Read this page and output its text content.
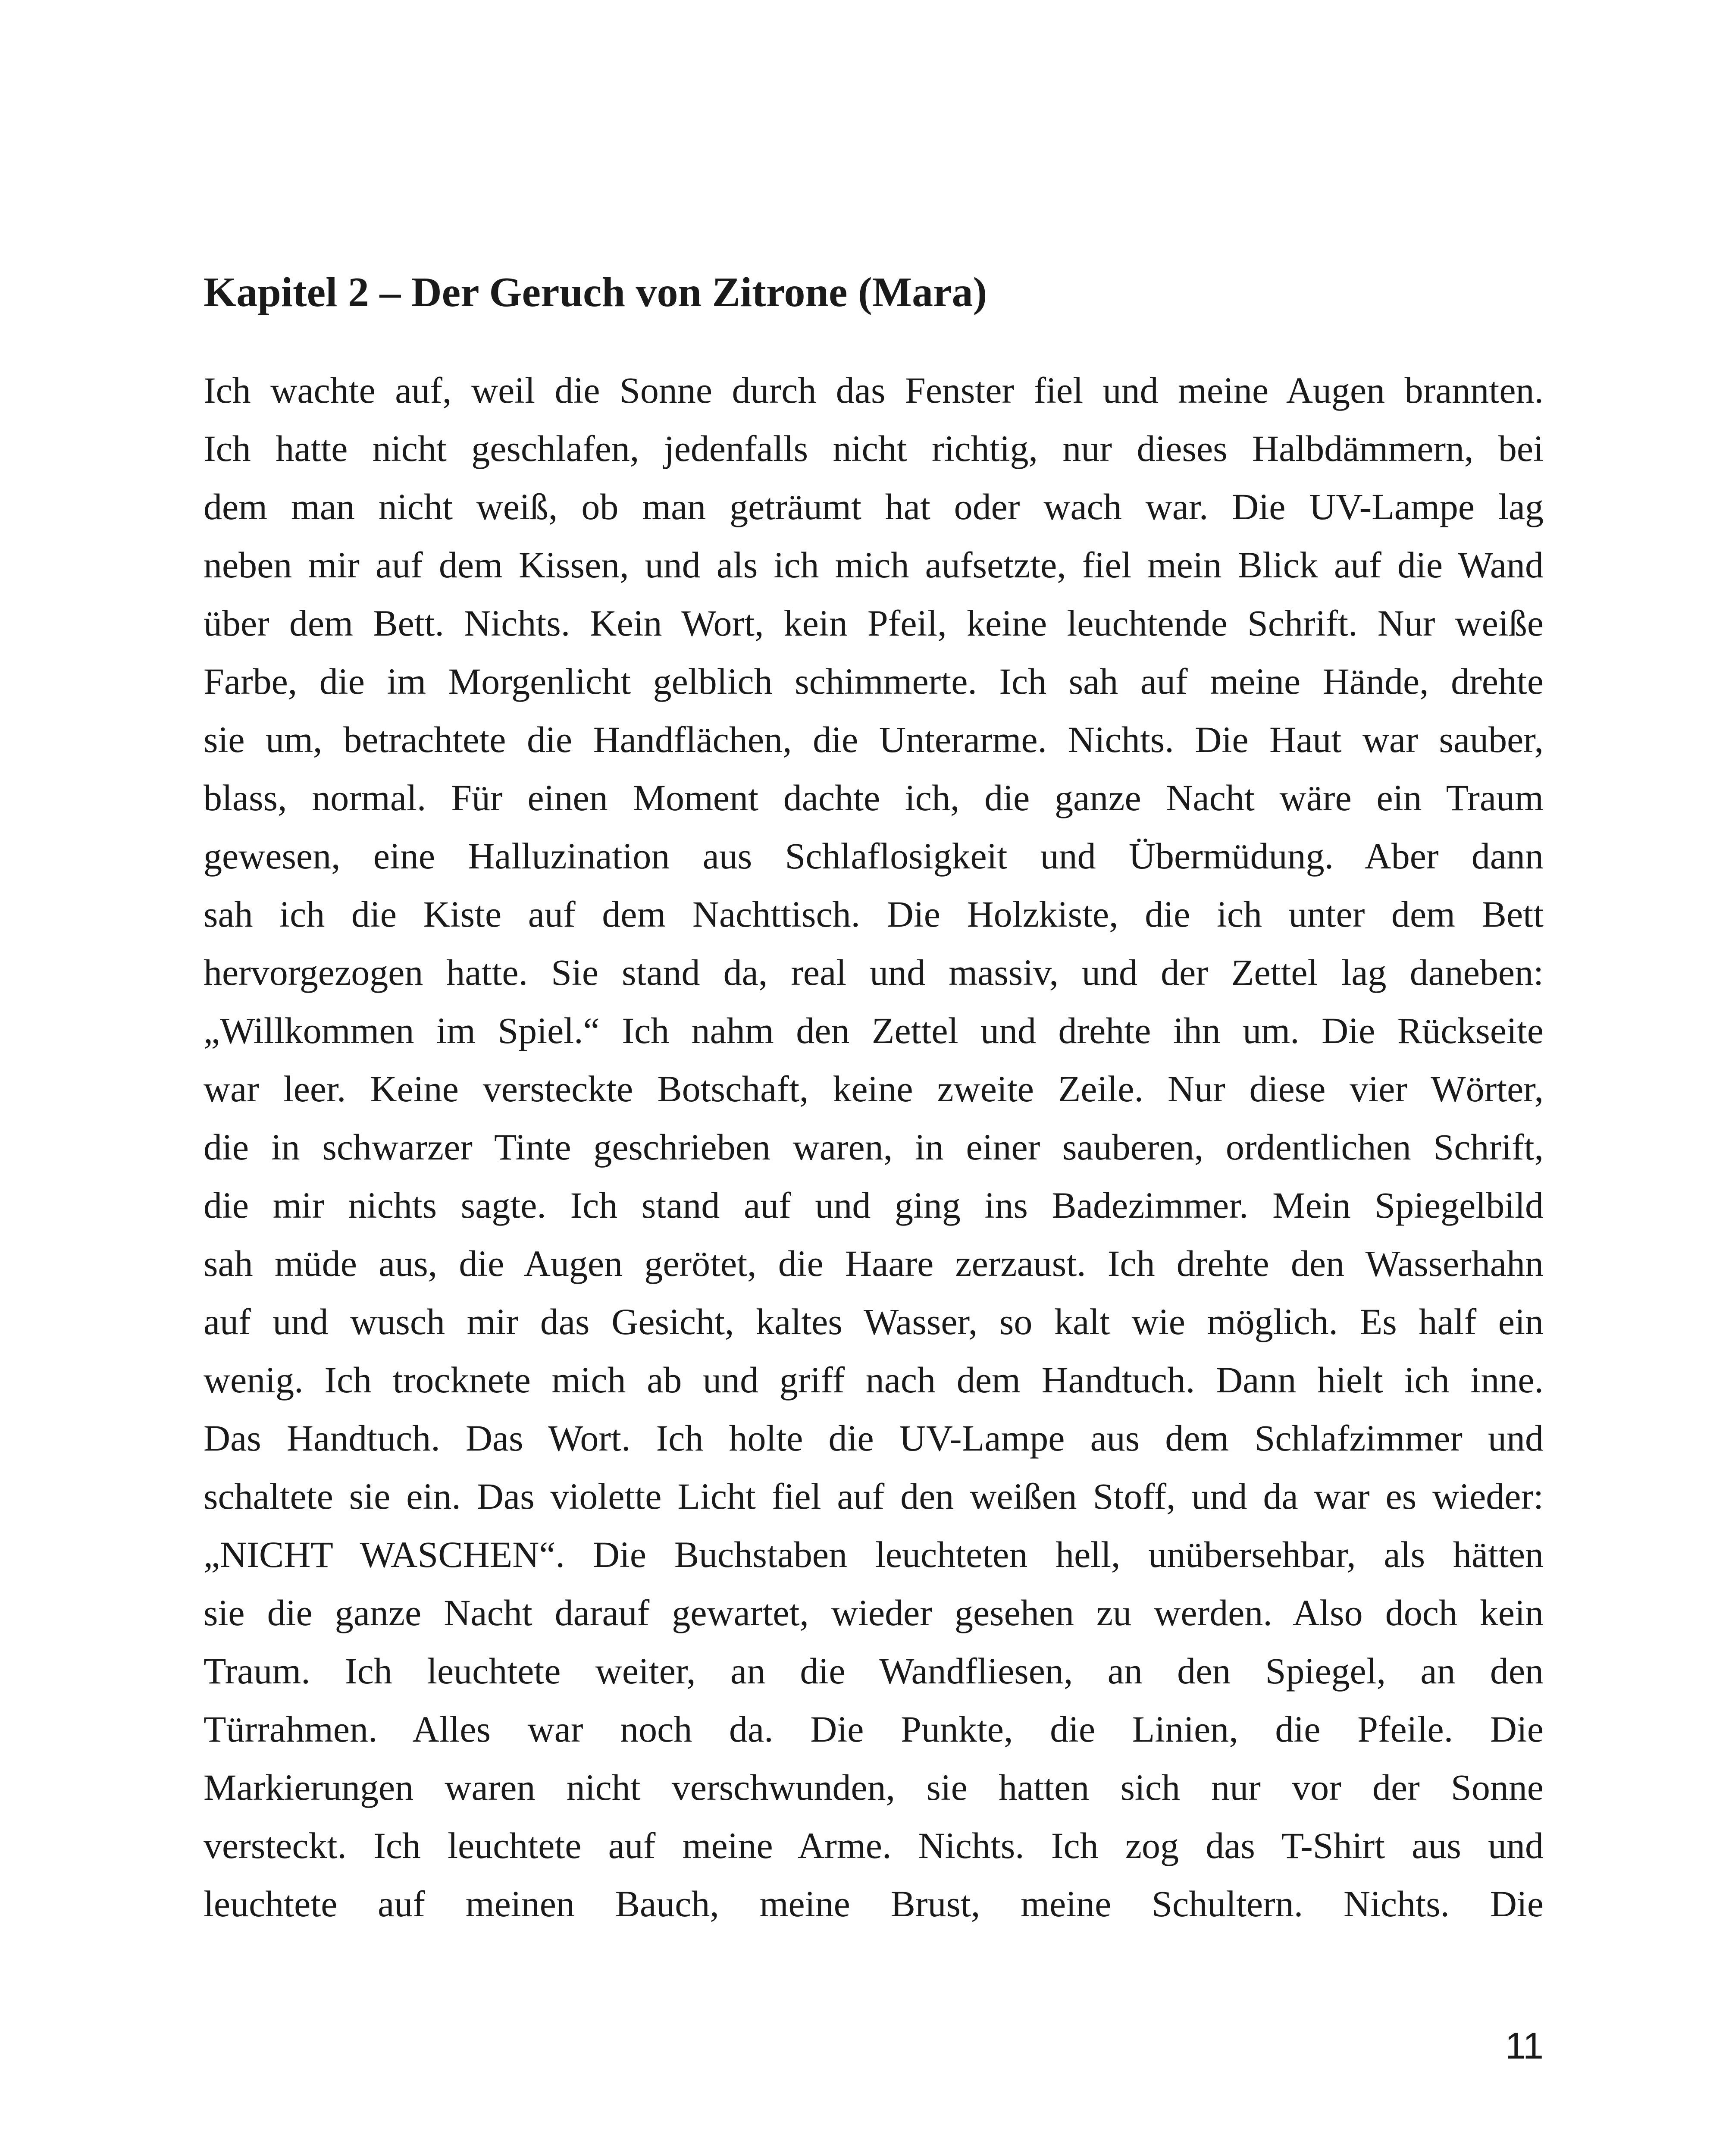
Kapitel 2 – Der Geruch von Zitrone (Mara)
Ich wachte auf, weil die Sonne durch das Fenster fiel und meine Augen brannten.
Ich hatte nicht geschlafen, jedenfalls nicht richtig, nur dieses Halbdämmern, bei
dem man nicht weiß, ob man geträumt hat oder wach war. Die UV-Lampe lag
neben mir auf dem Kissen, und als ich mich aufsetzte, fiel mein Blick auf die Wand
über dem Bett. Nichts. Kein Wort, kein Pfeil, keine leuchtende Schrift. Nur weiße
Farbe, die im Morgenlicht gelblich schimmerte. Ich sah auf meine Hände, drehte
sie um, betrachtete die Handflächen, die Unterarme. Nichts. Die Haut war sauber,
blass, normal. Für einen Moment dachte ich, die ganze Nacht wäre ein Traum
gewesen, eine Halluzination aus Schlaflosigkeit und Übermüdung. Aber dann
sah ich die Kiste auf dem Nachttisch. Die Holzkiste, die ich unter dem Bett
hervorgezogen hatte. Sie stand da, real und massiv, und der Zettel lag daneben:
„Willkommen im Spiel.“ Ich nahm den Zettel und drehte ihn um. Die Rückseite
war leer. Keine versteckte Botschaft, keine zweite Zeile. Nur diese vier Wörter,
die in schwarzer Tinte geschrieben waren, in einer sauberen, ordentlichen Schrift,
die mir nichts sagte. Ich stand auf und ging ins Badezimmer. Mein Spiegelbild
sah müde aus, die Augen gerötet, die Haare zerzaust. Ich drehte den Wasserhahn
auf und wusch mir das Gesicht, kaltes Wasser, so kalt wie möglich. Es half ein
wenig. Ich trocknete mich ab und griff nach dem Handtuch. Dann hielt ich inne.
Das Handtuch. Das Wort. Ich holte die UV-Lampe aus dem Schlafzimmer und
schaltete sie ein. Das violette Licht fiel auf den weißen Stoff, und da war es wieder:
„NICHT WASCHEN“. Die Buchstaben leuchteten hell, unübersehbar, als hätten
sie die ganze Nacht darauf gewartet, wieder gesehen zu werden. Also doch kein
Traum. Ich leuchtete weiter, an die Wandfliesen, an den Spiegel, an den
Türrahmen. Alles war noch da. Die Punkte, die Linien, die Pfeile. Die
Markierungen waren nicht verschwunden, sie hatten sich nur vor der Sonne
versteckt. Ich leuchtete auf meine Arme. Nichts. Ich zog das T-Shirt aus und
leuchtete auf meinen Bauch, meine Brust, meine Schultern. Nichts. Die
11
